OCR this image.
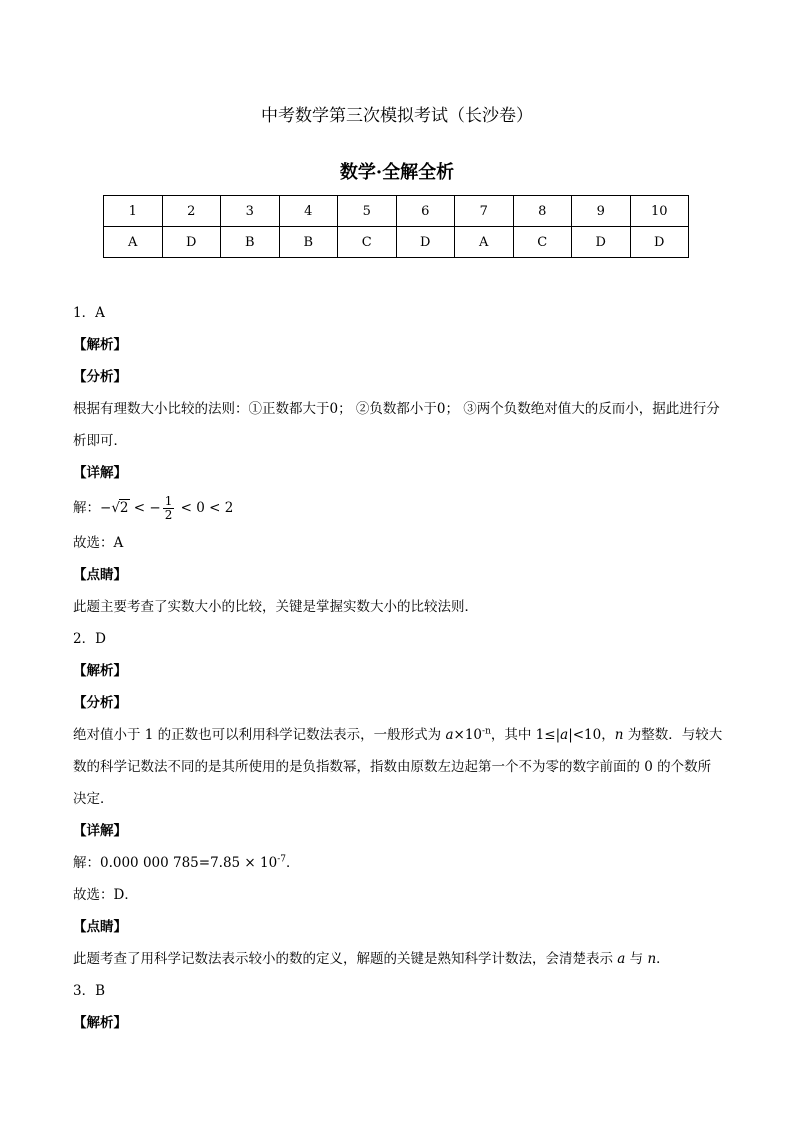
中考数学第三次模拟考试（长沙卷）
数学·全解全析
1	2	3	4	5	6	7	8	9	10
A	D	B	B	C	D	A	C	D	D
1．A
【解析】
【分析】
根据有理数大小比较的法则：①正数都大于0； ②负数都小于0； ③两个负数绝对值大的反而小，据此进行分析即可．
【详解】
解：−√2 < − $\frac{1}{2} < 0 < 2$
故选：A
【点睛】
此题主要考查了实数大小的比较，关键是掌握实数大小的比较法则．
2．D
【解析】
【分析】
绝对值小于 1 的正数也可以利用科学记数法表示，一般形式为 $a\times 10^{-n}$，其中 1≤|a|<10，n 为整数．与较大数的科学记数法不同的是其所使用的是负指数幂，指数由原数左边起第一个不为零的数字前面的 0 的个数所决定．
【详解】
解：0.000 000 $785=7.85 \times 10^{-7}$．
故选：D．
【点睛】
此题考查了用科学记数法表示较小的数的定义，解题的关键是熟知科学计数法，会清楚表示 a 与 n．
3．B
【解析】
